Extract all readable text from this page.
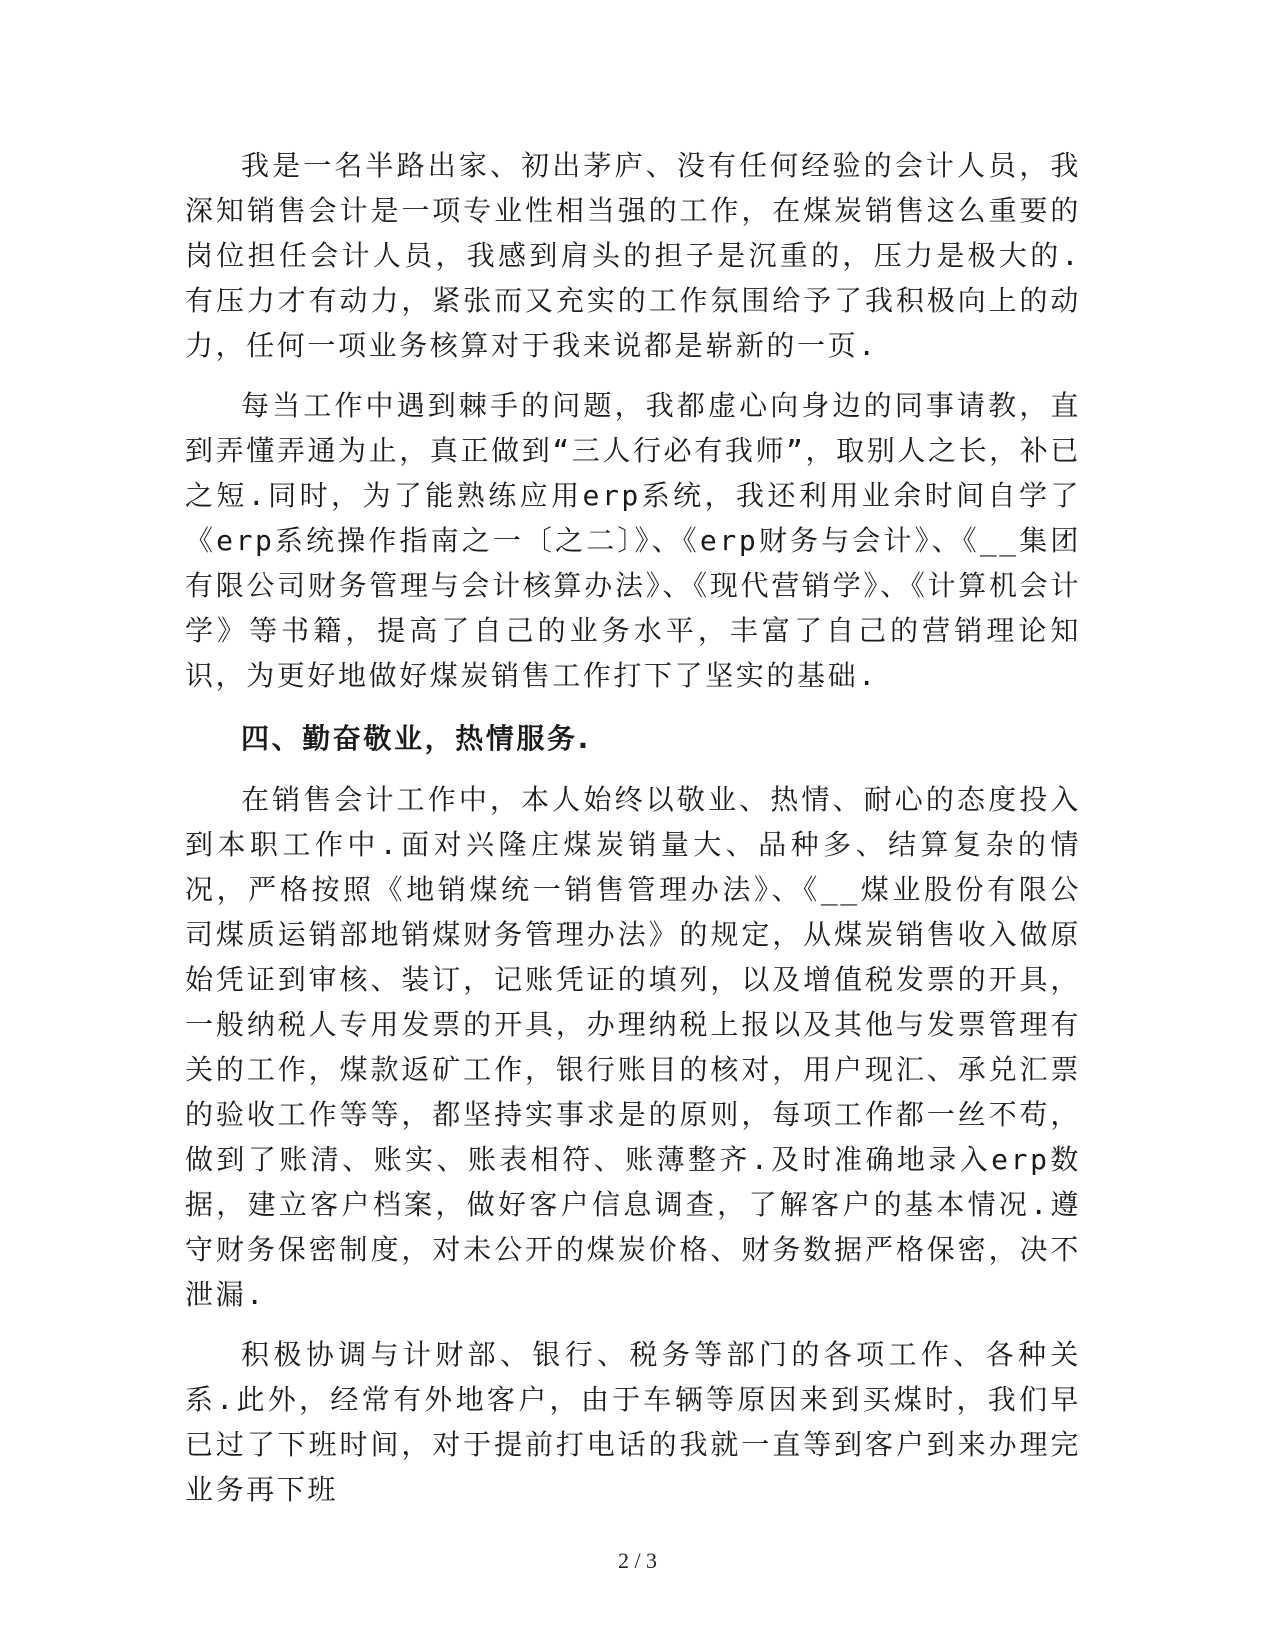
我是一名半路出家、初出茅庐、没有任何经验的会计人员，我深知销售会计是一项专业性相当强的工作，在煤炭销售这么重要的岗位担任会计人员，我感到肩头的担子是沉重的，压力是极大的.有压力才有动力，紧张而又充实的工作氛围给予了我积极向上的动力，任何一项业务核算对于我来说都是崭新的一页.

每当工作中遇到棘手的问题，我都虚心向身边的同事请教，直到弄懂弄通为止，真正做到“三人行必有我师”，取别人之长，补已之短.同时，为了能熟练应用erp系统，我还利用业余时间自学了《erp系统操作指南之一〔之二〕》、《erp财务与会计》、《__集团有限公司财务管理与会计核算办法》、《现代营销学》、《计算机会计学》等书籍，提高了自己的业务水平，丰富了自己的营销理论知识，为更好地做好煤炭销售工作打下了坚实的基础.

四、勤奋敬业，热情服务.

在销售会计工作中，本人始终以敬业、热情、耐心的态度投入到本职工作中.面对兴隆庄煤炭销量大、品种多、结算复杂的情况，严格按照《地销煤统一销售管理办法》、《__煤业股份有限公司煤质运销部地销煤财务管理办法》的规定，从煤炭销售收入做原始凭证到审核、装订，记账凭证的填列，以及增值税发票的开具，一般纳税人专用发票的开具，办理纳税上报以及其他与发票管理有关的工作，煤款返矿工作，银行账目的核对，用户现汇、承兑汇票的验收工作等等，都坚持实事求是的原则，每项工作都一丝不苟，做到了账清、账实、账表相符、账薄整齐.及时准确地录入erp数据，建立客户档案，做好客户信息调查，了解客户的基本情况.遵守财务保密制度，对未公开的煤炭价格、财务数据严格保密，决不泄漏.

积极协调与计财部、银行、税务等部门的各项工作、各种关系.此外，经常有外地客户，由于车辆等原因来到买煤时，我们早已过了下班时间，对于提前打电话的我就一直等到客户到来办理完业务再下班

2 / 3
